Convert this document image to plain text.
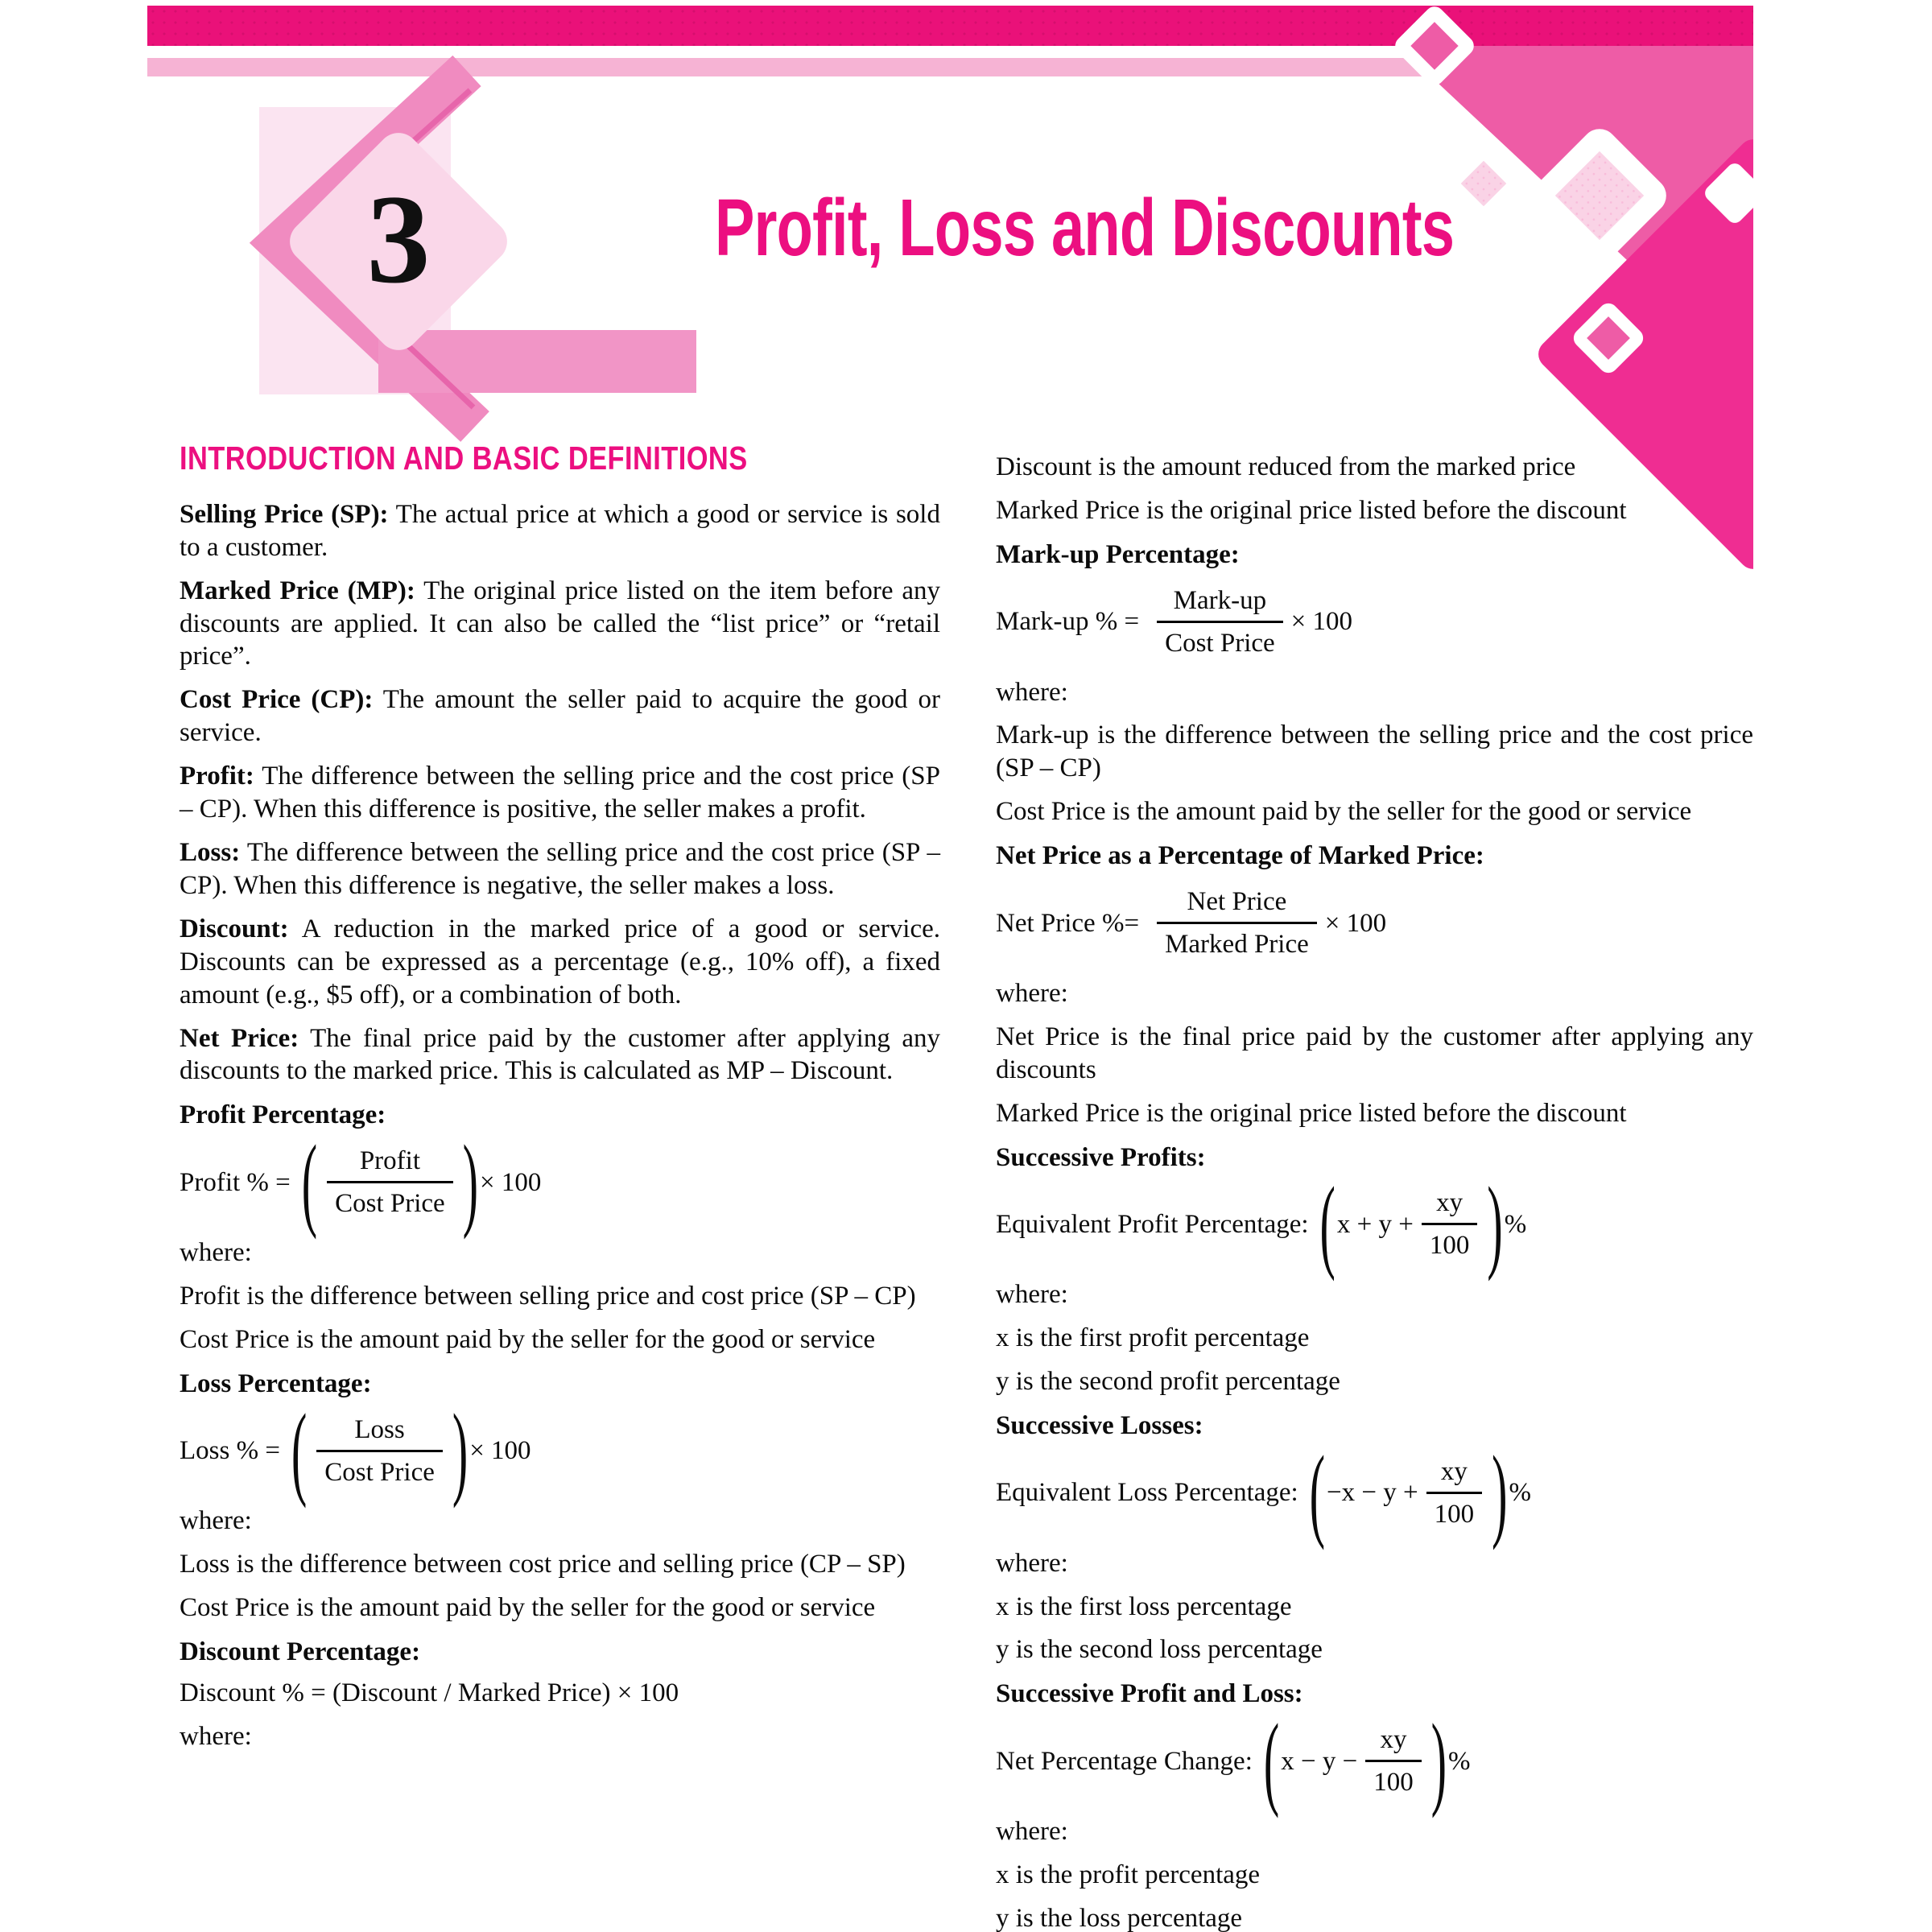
3	Profit, Loss and Discounts
INTRODUCTION AND BASIC DEFINITIONS

Selling Price (SP): The actual price at which a good or service is sold to a customer.

Marked Price (MP): The original price listed on the item before any discounts are applied. It can also be called the “list price” or “retail price”.

Cost Price (CP): The amount the seller paid to acquire the good or service.

Profit: The difference between the selling price and the cost price (SP – CP). When this difference is positive, the seller makes a profit.

Loss: The difference between the selling price and the cost price (SP – CP). When this difference is negative, the seller makes a loss.

Discount: A reduction in the marked price of a good or service. Discounts can be expressed as a percentage (e.g., 10% off), a fixed amount (e.g., $5 off), or a combination of both.

Net Price: The final price paid by the customer after applying any discounts to the marked price. This is calculated as MP – Discount.

Profit Percentage:
Profit % = ( $\frac{\text{Profit}}{\text{Cost Price}}$ ) × 100

where:

Profit is the difference between selling price and cost price (SP – CP)

Cost Price is the amount paid by the seller for the good or service

Loss Percentage:
Loss % = ( $\frac{\text{Loss}}{\text{Cost Price}}$ ) × 100

where:

Loss is the difference between cost price and selling price (CP – SP)

Cost Price is the amount paid by the seller for the good or service

Discount Percentage:

Discount % = (Discount / Marked Price) × 100

where:

Discount is the amount reduced from the marked price

Marked Price is the original price listed before the discount

Mark-up Percentage:
Mark-up % = $\frac{\text{Mark-up}}{\text{Cost Price}} \times 100$

where:

Mark-up is the difference between the selling price and the cost price (SP – CP)

Cost Price is the amount paid by the seller for the good or service

Net Price as a Percentage of Marked Price:
Net Price %= $\frac{\text{Net Price}}{\text{Marked Price}} \times 100$

where:

Net Price is the final price paid by the customer after applying any discounts

Marked Price is the original price listed before the discount

Successive Profits:
Equivalent Profit Percentage: ( $x + y + \frac{xy}{100}$ ) %

where:

x is the first profit percentage

y is the second profit percentage

Successive Losses:
Equivalent Loss Percentage: ( $-x - y + \frac{xy}{100}$ ) %

where:

x is the first loss percentage

y is the second loss percentage

Successive Profit and Loss:
Net Percentage Change: ( $x - y - \frac{xy}{100}$ ) %

where:

x is the profit percentage

y is the loss percentage
